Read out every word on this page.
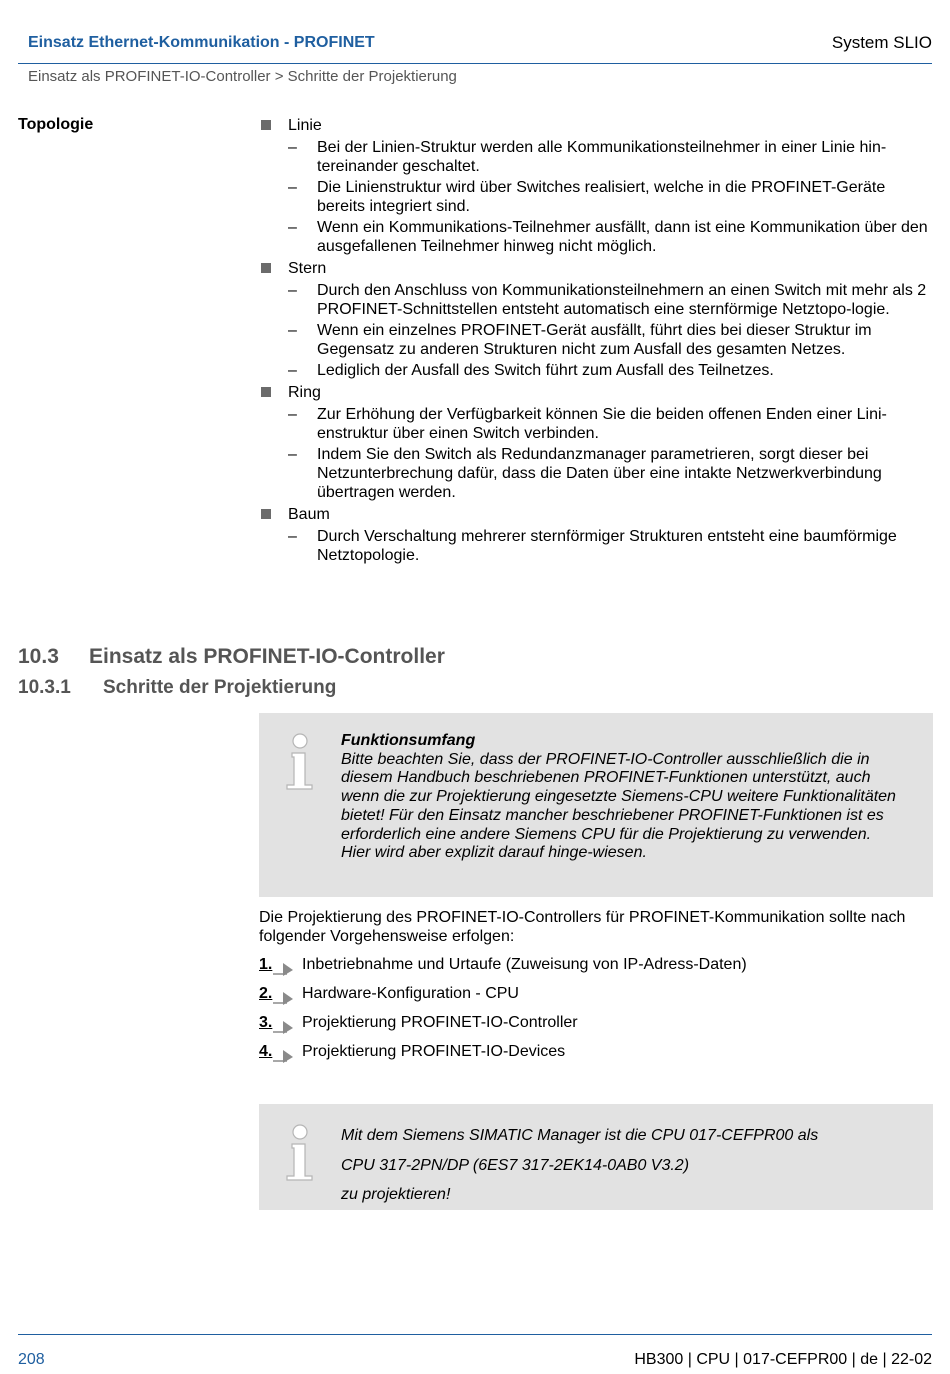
Einsatz Ethernet-Kommunikation - PROFINET	System SLIO
Einsatz als PROFINET-IO-Controller > Schritte der Projektierung
Topologie	Linie
– Bei der Linien-Struktur werden alle Kommunikationsteilnehmer in einer Linie hin-tereinander geschaltet.
– Die Linienstruktur wird über Switches realisiert, welche in die PROFINET-Geräte bereits integriert sind.
– Wenn ein Kommunikations-Teilnehmer ausfällt, dann ist eine Kommunikation über den ausgefallenen Teilnehmer hinweg nicht möglich.
Stern
– Durch den Anschluss von Kommunikationsteilnehmern an einen Switch mit mehr als 2 PROFINET-Schnittstellen entsteht automatisch eine sternförmige Netztopo-logie.
– Wenn ein einzelnes PROFINET-Gerät ausfällt, führt dies bei dieser Struktur im Gegensatz zu anderen Strukturen nicht zum Ausfall des gesamten Netzes.
– Lediglich der Ausfall des Switch führt zum Ausfall des Teilnetzes.
Ring
– Zur Erhöhung der Verfügbarkeit können Sie die beiden offenen Enden einer Lini-enstruktur über einen Switch verbinden.
– Indem Sie den Switch als Redundanzmanager parametrieren, sorgt dieser bei Netzunterbrechung dafür, dass die Daten über eine intakte Netzwerkverbindung übertragen werden.
Baum
– Durch Verschaltung mehrerer sternförmiger Strukturen entsteht eine baumförmige Netztopologie.
10.3 Einsatz als PROFINET-IO-Controller
10.3.1 Schritte der Projektierung
Funktionsumfang
Bitte beachten Sie, dass der PROFINET-IO-Controller ausschließlich die in diesem Handbuch beschriebenen PROFINET-Funktionen unterstützt, auch wenn die zur Projektierung eingesetzte Siemens-CPU weitere Funktionalitäten bietet! Für den Einsatz mancher beschriebener PROFINET-Funktionen ist es erforderlich eine andere Siemens CPU für die Projektierung zu verwenden. Hier wird aber explizit darauf hinge-wiesen.
Die Projektierung des PROFINET-IO-Controllers für PROFINET-Kommunikation sollte nach folgender Vorgehensweise erfolgen:
1. Inbetriebnahme und Urtaufe (Zuweisung von IP-Adress-Daten)
2. Hardware-Konfiguration - CPU
3. Projektierung PROFINET-IO-Controller
4. Projektierung PROFINET-IO-Devices
Mit dem Siemens SIMATIC Manager ist die CPU 017-CEFPR00 als
CPU 317-2PN/DP (6ES7 317-2EK14-0AB0 V3.2)
zu projektieren!
208	HB300 | CPU | 017-CEFPR00 | de | 22-02
